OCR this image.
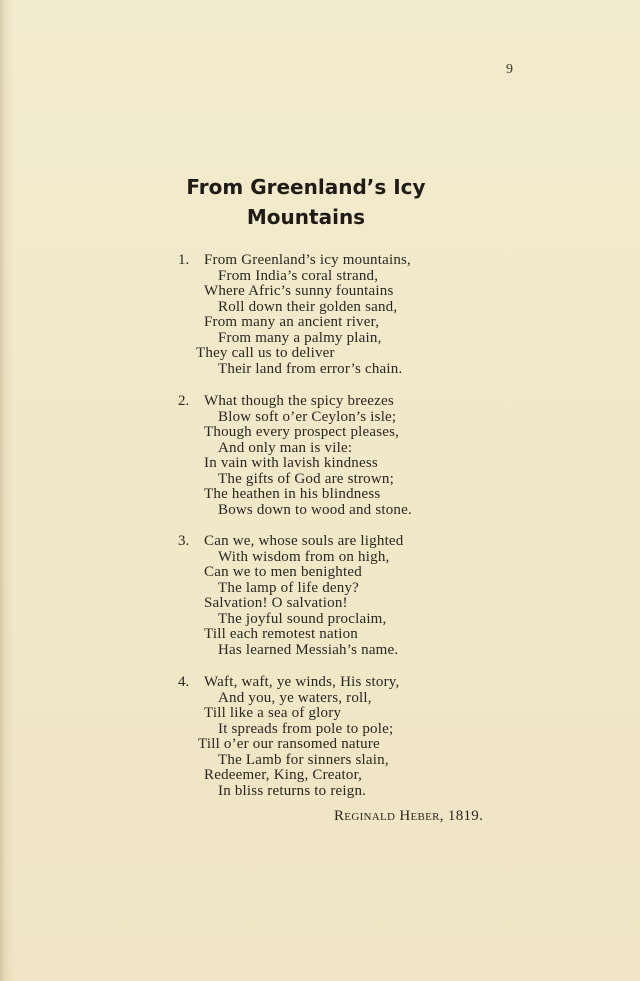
9
From Greenland’s Icy
Mountains
1. From Greenland’s icy mountains,
From India’s coral strand,
Where Afric’s sunny fountains
Roll down their golden sand,
From many an ancient river,
From many a palmy plain,
They call us to deliver
Their land from error’s chain.
2. What though the spicy breezes
Blow soft o’er Ceylon’s isle;
Though every prospect pleases,
And only man is vile:
In vain with lavish kindness
The gifts of God are strown;
The heathen in his blindness
Bows down to wood and stone.
3. Can we, whose souls are lighted
With wisdom from on high,
Can we to men benighted
The lamp of life deny?
Salvation! O salvation!
The joyful sound proclaim,
Till each remotest nation
Has learned Messiah’s name.
4. Waft, waft, ye winds, His story,
And you, ye waters, roll,
Till like a sea of glory
It spreads from pole to pole;
Till o’er our ransomed nature
The Lamb for sinners slain,
Redeemer, King, Creator,
In bliss returns to reign.
Reginald Heber, 1819.
